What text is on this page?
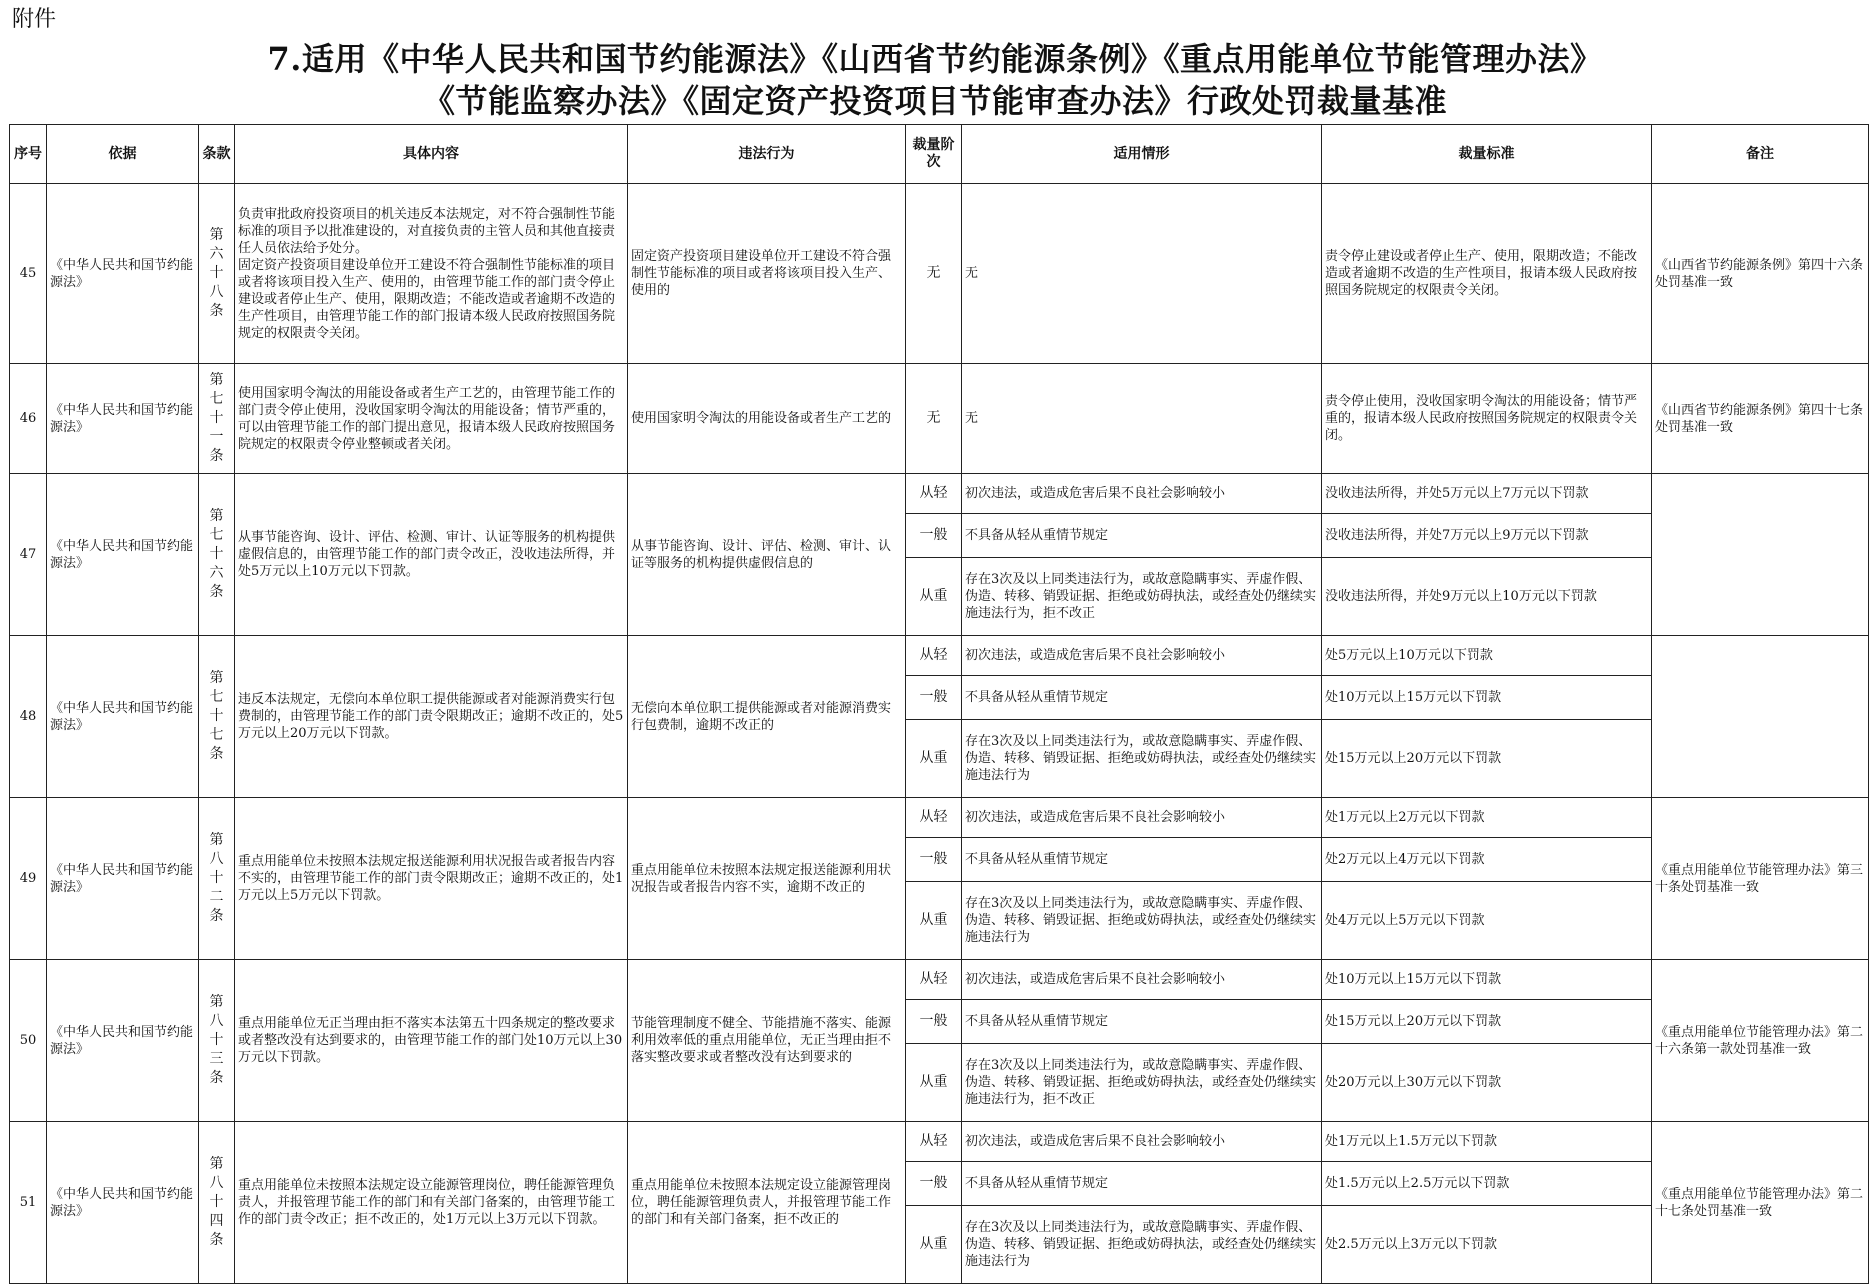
附件
7.适用《中华人民共和国节约能源法》《山西省节约能源条例》《重点用能单位节能管理办法》
《节能监察办法》《固定资产投资项目节能审查办法》行政处罚裁量基准
序号	依据	条款	具体内容	违法行为	裁量阶次	适用情形	裁量标准	备注
45	《中华人民共和国节约能源法》	第六十八条	负责审批政府投资项目的机关违反本法规定，对不符合强制性节能标准的项目予以批准建设的，对直接负责的主管人员和其他直接责任人员依法给予处分。
固定资产投资项目建设单位开工建设不符合强制性节能标准的项目或者将该项目投入生产、使用的，由管理节能工作的部门责令停止建设或者停止生产、使用，限期改造；不能改造或者逾期不改造的生产性项目，由管理节能工作的部门报请本级人民政府按照国务院规定的权限责令关闭。	固定资产投资项目建设单位开工建设不符合强制性节能标准的项目或者将该项目投入生产、使用的	无	无	责令停止建设或者停止生产、使用，限期改造；不能改造或者逾期不改造的生产性项目，报请本级人民政府按照国务院规定的权限责令关闭。	《山西省节约能源条例》第四十六条处罚基准一致
46	《中华人民共和国节约能源法》	第七十一条	使用国家明令淘汰的用能设备或者生产工艺的，由管理节能工作的部门责令停止使用，没收国家明令淘汰的用能设备；情节严重的，可以由管理节能工作的部门提出意见，报请本级人民政府按照国务院规定的权限责令停业整顿或者关闭。	使用国家明令淘汰的用能设备或者生产工艺的	无	无	责令停止使用，没收国家明令淘汰的用能设备；情节严重的，报请本级人民政府按照国务院规定的权限责令关闭。	《山西省节约能源条例》第四十七条处罚基准一致
47	《中华人民共和国节约能源法》	第七十六条	从事节能咨询、设计、评估、检测、审计、认证等服务的机构提供虚假信息的，由管理节能工作的部门责令改正，没收违法所得，并处5万元以上10万元以下罚款。	从事节能咨询、设计、评估、检测、审计、认证等服务的机构提供虚假信息的	从轻	初次违法，或造成危害后果不良社会影响较小	没收违法所得，并处5万元以上7万元以下罚款	
					一般	不具备从轻从重情节规定	没收违法所得，并处7万元以上9万元以下罚款	
					从重	存在3次及以上同类违法行为，或故意隐瞒事实、弄虚作假、伪造、转移、销毁证据、拒绝或妨碍执法，或经查处仍继续实施违法行为，拒不改正	没收违法所得，并处9万元以上10万元以下罚款	
48	《中华人民共和国节约能源法》	第七十七条	违反本法规定，无偿向本单位职工提供能源或者对能源消费实行包费制的，由管理节能工作的部门责令限期改正；逾期不改正的，处5万元以上20万元以下罚款。	无偿向本单位职工提供能源或者对能源消费实行包费制，逾期不改正的	从轻	初次违法，或造成危害后果不良社会影响较小	处5万元以上10万元以下罚款	
					一般	不具备从轻从重情节规定	处10万元以上15万元以下罚款	
					从重	存在3次及以上同类违法行为，或故意隐瞒事实、弄虚作假、伪造、转移、销毁证据、拒绝或妨碍执法，或经查处仍继续实施违法行为	处15万元以上20万元以下罚款	
49	《中华人民共和国节约能源法》	第八十二条	重点用能单位未按照本法规定报送能源利用状况报告或者报告内容不实的，由管理节能工作的部门责令限期改正；逾期不改正的，处1万元以上5万元以下罚款。	重点用能单位未按照本法规定报送能源利用状况报告或者报告内容不实，逾期不改正的	从轻	初次违法，或造成危害后果不良社会影响较小	处1万元以上2万元以下罚款	《重点用能单位节能管理办法》第三十条处罚基准一致
					一般	不具备从轻从重情节规定	处2万元以上4万元以下罚款	
					从重	存在3次及以上同类违法行为，或故意隐瞒事实、弄虚作假、伪造、转移、销毁证据、拒绝或妨碍执法，或经查处仍继续实施违法行为	处4万元以上5万元以下罚款	
50	《中华人民共和国节约能源法》	第八十三条	重点用能单位无正当理由拒不落实本法第五十四条规定的整改要求或者整改没有达到要求的，由管理节能工作的部门处10万元以上30万元以下罚款。	节能管理制度不健全、节能措施不落实、能源利用效率低的重点用能单位，无正当理由拒不落实整改要求或者整改没有达到要求的	从轻	初次违法，或造成危害后果不良社会影响较小	处10万元以上15万元以下罚款	《重点用能单位节能管理办法》第二十六条第一款处罚基准一致
					一般	不具备从轻从重情节规定	处15万元以上20万元以下罚款	
					从重	存在3次及以上同类违法行为，或故意隐瞒事实、弄虚作假、伪造、转移、销毁证据、拒绝或妨碍执法，或经查处仍继续实施违法行为，拒不改正	处20万元以上30万元以下罚款	
51	《中华人民共和国节约能源法》	第八十四条	重点用能单位未按照本法规定设立能源管理岗位，聘任能源管理负责人，并报管理节能工作的部门和有关部门备案的，由管理节能工作的部门责令改正；拒不改正的，处1万元以上3万元以下罚款。	重点用能单位未按照本法规定设立能源管理岗位，聘任能源管理负责人，并报管理节能工作的部门和有关部门备案，拒不改正的	从轻	初次违法，或造成危害后果不良社会影响较小	处1万元以上1.5万元以下罚款	《重点用能单位节能管理办法》第二十七条处罚基准一致
					一般	不具备从轻从重情节规定	处1.5万元以上2.5万元以下罚款	
					从重	存在3次及以上同类违法行为，或故意隐瞒事实、弄虚作假、伪造、转移、销毁证据、拒绝或妨碍执法，或经查处仍继续实施违法行为	处2.5万元以上3万元以下罚款	
